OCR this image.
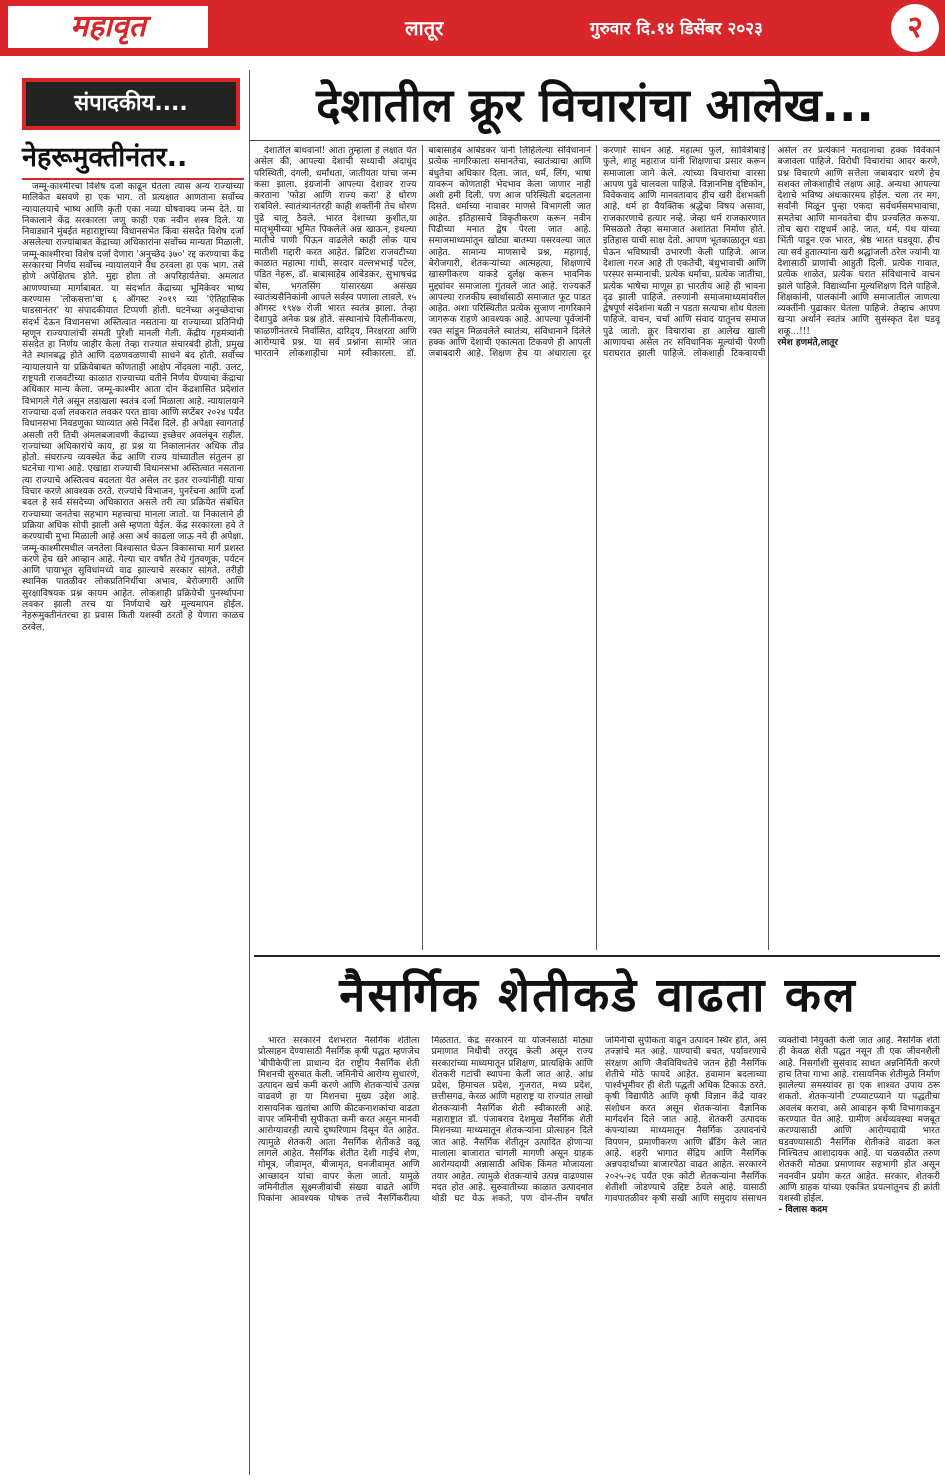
महावृत	लातूर	गुरुवार दि.१४ डिसेंबर २०२३	२
संपादकीय....	देशातील क्रूर विचारांचा आलेख...
नेहरूमुक्तीनंतर..

जम्मू-काश्मीरचा विशेष दर्जा काढून घेतला त्यास अन्य राज्यांच्या मालिकेत बसवणे हा एक भाग. तो प्रत्यक्षात आणताना सर्वोच्च न्यायालयाचे भाष्य आणि कृती एका नव्या घोषवाक्य जन्म देते. या निकालाने केंद्र सरकारला जणू काही एक नवीन शस्त्र दिले. या निवाड्याने मुंबईत महाराष्ट्राच्या विधानसभेत किंवा संसदेत विशेष दर्जा असलेल्या राज्यांबाबत केंद्राच्या अधिकारांना सर्वोच्च मान्यता मिळाली. जम्मू-काश्मीरचा विशेष दर्जा देणारा 'अनुच्छेद ३७०' रद्द करण्याचा केंद्र सरकारचा निर्णय सर्वोच्च न्यायालयाने वैध ठरवला हा एक भाग. तसे होणे अपेक्षितच होते. मुद्दा होता तो अपरिहार्यतेचा. अमलात आणण्याच्या मार्गाबाबत. या संदर्भात केंद्राच्या भूमिकेवर भाष्य करण्यास 'लोकसत्ता'चा ६ ऑगस्ट २०१९ च्या 'ऐतिहासिक घाडसानंतर' या संपादकीयात टिप्पणी होती. घटनेच्या अनुच्छेदाचा संदर्भ देऊन विधानसभा अस्तित्वात नसताना या राज्याच्या प्रतिनिधी म्हणून राज्यपालांची संमती पुरेशी मानली गेली. केंद्रीय गृहमंत्र्यांनी संसदेत हा निर्णय जाहीर केला तेव्हा राज्यात संचारबंदी होती, प्रमुख नेते स्थानबद्ध होते आणि दळणवळणाची साधने बंद होती. सर्वोच्च न्यायालयाने या प्रक्रियेबाबत कोणताही आक्षेप नोंदवला नाही. उलट, राष्ट्रपती राजवटीच्या काळात राज्याच्या वतीने निर्णय घेण्याचा केंद्राचा अधिकार मान्य केला. जम्मू-काश्मीर आता दोन केंद्रशासित प्रदेशांत विभागले गेले असून लडाखला स्वतंत्र दर्जा मिळाला आहे. न्यायालयाने राज्याचा दर्जा लवकरात लवकर परत द्यावा आणि सप्टेंबर २०२४ पर्यंत विधानसभा निवडणुका घ्याव्यात असे निर्देश दिले. ही अपेक्षा स्वागतार्ह असली तरी तिची अंमलबजावणी केंद्राच्या इच्छेवर अवलंबून राहील. राज्यांच्या अधिकारांचे काय, हा प्रश्न या निकालानंतर अधिक तीव्र होतो. संघराज्य व्यवस्थेत केंद्र आणि राज्य यांच्यातील संतुलन हा घटनेचा गाभा आहे. एखाद्या राज्याची विधानसभा अस्तित्वात नसताना त्या राज्याचे अस्तित्वच बदलता येत असेल तर इतर राज्यांनीही याचा विचार करणे आवश्यक ठरते. राज्यांचे विभाजन, पुनर्रचना आणि दर्जा बदल हे सर्व संसदेच्या अधिकारात असले तरी त्या प्रक्रियेत संबंधित राज्याच्या जनतेचा सहभाग महत्त्वाचा मानला जातो. या निकालाने ही प्रक्रिया अधिक सोपी झाली असे म्हणता येईल. केंद्र सरकारला हवे ते करण्याची मुभा मिळाली आहे असा अर्थ काढला जाऊ नये ही अपेक्षा. जम्मू-काश्मीरमधील जनतेला विश्वासात घेऊन विकासाचा मार्ग प्रशस्त करणे हेच खरे आव्हान आहे. गेल्या चार वर्षांत तेथे गुंतवणूक, पर्यटन आणि पायाभूत सुविधांमध्ये वाढ झाल्याचे सरकार सांगते. तरीही स्थानिक पातळीवर लोकप्रतिनिधींचा अभाव, बेरोजगारी आणि सुरक्षाविषयक प्रश्न कायम आहेत. लोकशाही प्रक्रियेची पुनर्स्थापना लवकर झाली तरच या निर्णयाचे खरे मूल्यमापन होईल. नेहरूमुक्तीनंतरचा हा प्रवास किती यशस्वी ठरतो हे येणारा काळच ठरवेल.

देशातील बांधवांनो! आता तुम्हाला हे लक्षात येत असेल की, आपल्या देशाची सध्याची अंदाधुंद परिस्थिती, दंगली, धर्मांधता, जातीयता यांचा जन्म कसा झाला. इंग्रजांनी आपल्या देशावर राज्य करताना 'फोडा आणि राज्य करा' हे धोरण राबविले. स्वातंत्र्यानंतरही काही शक्तींनी तेच धोरण पुढे चालू ठेवले. भारत देशाच्या कुशीत,या मातृभूमीच्या भूमित पिकलेले अन्न खाऊन, इथल्या मातीचे पाणी पिऊन वाढलेले काही लोक याच मातीशी गद्दारी करत आहेत. ब्रिटिश राजवटीच्या काळात महात्मा गांधी, सरदार वल्लभभाई पटेल, पंडित नेहरू, डॉ. बाबासाहेब आंबेडकर, सुभाषचंद्र बोस, भगतसिंग यांसारख्या असंख्य स्वातंत्र्यसैनिकांनी आपले सर्वस्व पणाला लावले. १५ ऑगस्ट १९४७ रोजी भारत स्वतंत्र झाला. तेव्हा देशापुढे अनेक प्रश्न होते. संस्थानांचे विलीनीकरण, फाळणीनंतरचे निर्वासित, दारिद्र्य, निरक्षरता आणि आरोग्याचे प्रश्न. या सर्व प्रश्नांना सामोरे जात भारताने लोकशाहीचा मार्ग स्वीकारला. डॉ. बाबासाहेब आंबेडकर यांनी लिहिलेल्या संविधानाने प्रत्येक नागरिकाला समानतेचा, स्वातंत्र्याचा आणि बंधुतेचा अधिकार दिला. जात, धर्म, लिंग, भाषा यावरून कोणताही भेदभाव केला जाणार नाही अशी हमी दिली. पण आज परिस्थिती बदलताना दिसते. धर्माच्या नावावर माणसे विभागली जात आहेत. इतिहासाचे विकृतीकरण करून नवीन पिढीच्या मनात द्वेष पेरला जात आहे. समाजमाध्यमांतून खोट्या बातम्या पसरवल्या जात आहेत. सामान्य माणसाचे प्रश्न, महागाई, बेरोजगारी, शेतकऱ्यांच्या आत्महत्या, शिक्षणाचे खासगीकरण याकडे दुर्लक्ष करून भावनिक मुद्द्यांवर समाजाला गुंतवले जात आहे. राज्यकर्ते आपल्या राजकीय स्वार्थासाठी समाजात फूट पाडत आहेत. अशा परिस्थितीत प्रत्येक सुजाण नागरिकाने जागरूक राहणे आवश्यक आहे. आपल्या पूर्वजांनी रक्त सांडून मिळवलेले स्वातंत्र्य, संविधानाने दिलेले हक्क आणि देशाची एकात्मता टिकवणे ही आपली जबाबदारी आहे. शिक्षण हेच या अंधाराला दूर करणारे साधन आहे. महात्मा फुले, सावित्रीबाई फुले, शाहू महाराज यांनी शिक्षणाचा प्रसार करून समाजाला जागे केले. त्यांच्या विचारांचा वारसा आपण पुढे चालवला पाहिजे. विज्ञाननिष्ठ दृष्टिकोन, विवेकवाद आणि मानवतावाद हीच खरी देशभक्ती आहे. धर्म हा वैयक्तिक श्रद्धेचा विषय असावा, राजकारणाचे हत्यार नव्हे. जेव्हा धर्म राजकारणात मिसळतो तेव्हा समाजात अशांतता निर्माण होते. इतिहास याची साक्ष देतो. आपण भूतकाळातून धडा घेऊन भविष्याची उभारणी केली पाहिजे. आज देशाला गरज आहे ती एकतेची, बंधुभावाची आणि परस्पर सन्मानाची. प्रत्येक धर्माचा, प्रत्येक जातीचा, प्रत्येक भाषेचा माणूस हा भारतीय आहे ही भावना दृढ झाली पाहिजे. तरुणांनी समाजमाध्यमांवरील द्वेषपूर्ण संदेशांना बळी न पडता सत्याचा शोध घेतला पाहिजे. वाचन, चर्चा आणि संवाद यातूनच समाज पुढे जातो. क्रूर विचारांचा हा आलेख खाली आणायचा असेल तर संविधानिक मूल्यांची पेरणी घराघरात झाली पाहिजे. लोकशाही टिकवायची असेल तर प्रत्येकाने मतदानाचा हक्क विवेकाने बजावला पाहिजे. विरोधी विचारांचा आदर करणे, प्रश्न विचारणे आणि सत्तेला जबाबदार धरणे हेच सशक्त लोकशाहीचे लक्षण आहे. अन्यथा आपल्या देशाचे भविष्य अंधःकारमय होईल. चला तर मग, सर्वांनी मिळून पुन्हा एकदा सर्वधर्मसमभावाचा, समतेचा आणि मानवतेचा दीप प्रज्वलित करूया. तोच खरा राष्ट्रधर्म आहे. जात, धर्म, पंथ यांच्या भिंती पाडून एक भारत, श्रेष्ठ भारत घडवूया. हीच त्या सर्व हुतात्म्यांना खरी श्रद्धांजली ठरेल ज्यांनी या देशासाठी प्राणांची आहुती दिली. प्रत्येक गावात, प्रत्येक शाळेत, प्रत्येक घरात संविधानाचे वाचन झाले पाहिजे. विद्यार्थ्यांना मूल्यशिक्षण दिले पाहिजे. शिक्षकांनी, पालकांनी आणि समाजातील जाणत्या व्यक्तींनी पुढाकार घेतला पाहिजे. तेव्हाच आपण खऱ्या अर्थाने स्वतंत्र आणि सुसंस्कृत देश घडवू शकू...!!!

रमेश हणमंते,लातूर

नैसर्गिक शेतीकडे वाढता कल

भारत सरकारने देशभरात नैसर्गिक शेतीला प्रोत्साहन देण्यासाठी नैसर्गिक कृषी पद्धत म्हणजेच 'बीपीकेपी'ला प्राधान्य देत राष्ट्रीय नैसर्गिक शेती मिशनची सुरुवात केली. जमिनीचे आरोग्य सुधारणे, उत्पादन खर्च कमी करणे आणि शेतकऱ्यांचे उत्पन्न वाढवणे हा या मिशनचा मुख्य उद्देश आहे. रासायनिक खतांचा आणि कीटकनाशकांचा वाढता वापर जमिनीची सुपीकता कमी करत असून मानवी आरोग्यावरही त्याचे दुष्परिणाम दिसून येत आहेत. त्यामुळे शेतकरी आता नैसर्गिक शेतीकडे वळू लागले आहेत. नैसर्गिक शेतीत देशी गाईचे शेण, गोमूत्र, जीवामृत, बीजामृत, घनजीवामृत आणि आच्छादन यांचा वापर केला जातो. यामुळे जमिनीतील सूक्ष्मजीवांची संख्या वाढते आणि पिकांना आवश्यक पोषक तत्त्वे नैसर्गिकरीत्या मिळतात. केंद्र सरकारने या योजनेसाठी मोठ्या प्रमाणात निधीची तरतूद केली असून राज्य सरकारांच्या माध्यमातून प्रशिक्षण, प्रात्यक्षिके आणि शेतकरी गटांची स्थापना केली जात आहे. आंध्र प्रदेश, हिमाचल प्रदेश, गुजरात, मध्य प्रदेश, छत्तीसगढ, केरळ आणि महाराष्ट्र या राज्यांत लाखो शेतकऱ्यांनी नैसर्गिक शेती स्वीकारली आहे. महाराष्ट्रात डॉ. पंजाबराव देशमुख नैसर्गिक शेती मिशनच्या माध्यमातून शेतकऱ्यांना प्रोत्साहन दिले जात आहे. नैसर्गिक शेतीतून उत्पादित होणाऱ्या मालाला बाजारात चांगली मागणी असून ग्राहक आरोग्यदायी अन्नासाठी अधिक किंमत मोजायला तयार आहेत. त्यामुळे शेतकऱ्यांचे उत्पन्न वाढण्यास मदत होत आहे. सुरुवातीच्या काळात उत्पादनात थोडी घट येऊ शकते, पण दोन-तीन वर्षांत जमिनीची सुपीकता वाढून उत्पादन स्थिर होते, असे तज्ज्ञांचे मत आहे. पाण्याची बचत, पर्यावरणाचे संरक्षण आणि जैवविविधतेचे जतन हेही नैसर्गिक शेतीचे मोठे फायदे आहेत. हवामान बदलाच्या पार्श्वभूमीवर ही शेती पद्धती अधिक टिकाऊ ठरते. कृषी विद्यापीठे आणि कृषी विज्ञान केंद्रे यावर संशोधन करत असून शेतकऱ्यांना वैज्ञानिक मार्गदर्शन दिले जात आहे. शेतकरी उत्पादक कंपन्यांच्या माध्यमातून नैसर्गिक उत्पादनांचे विपणन, प्रमाणीकरण आणि ब्रँडिंग केले जात आहे. शहरी भागात सेंद्रिय आणि नैसर्गिक अन्नपदार्थांच्या बाजारपेठा वाढत आहेत. सरकारने २०२५-२६ पर्यंत एक कोटी शेतकऱ्यांना नैसर्गिक शेतीशी जोडण्याचे उद्दिष्ट ठेवले आहे. यासाठी गावपातळीवर कृषी सखी आणि समुदाय संसाधन व्यक्तींची नियुक्ती केली जात आहे. नैसर्गिक शेती ही केवळ शेती पद्धत नसून ती एक जीवनशैली आहे. निसर्गाशी सुसंवाद साधत अन्ननिर्मिती करणे हाच तिचा गाभा आहे. रासायनिक शेतीमुळे निर्माण झालेल्या समस्यांवर हा एक शाश्वत उपाय ठरू शकतो. शेतकऱ्यांनी टप्प्याटप्प्याने या पद्धतीचा अवलंब करावा, असे आवाहन कृषी विभागाकडून करण्यात येत आहे. ग्रामीण अर्थव्यवस्था मजबूत करण्यासाठी आणि आरोग्यदायी भारत घडवण्यासाठी नैसर्गिक शेतीकडे वाढता कल निश्चितच आशादायक आहे. या चळवळीत तरुण शेतकरी मोठ्या प्रमाणावर सहभागी होत असून नवनवीन प्रयोग करत आहेत. सरकार, शेतकरी आणि ग्राहक यांच्या एकत्रित प्रयत्नांतूनच ही क्रांती यशस्वी होईल.

- विलास कदम
